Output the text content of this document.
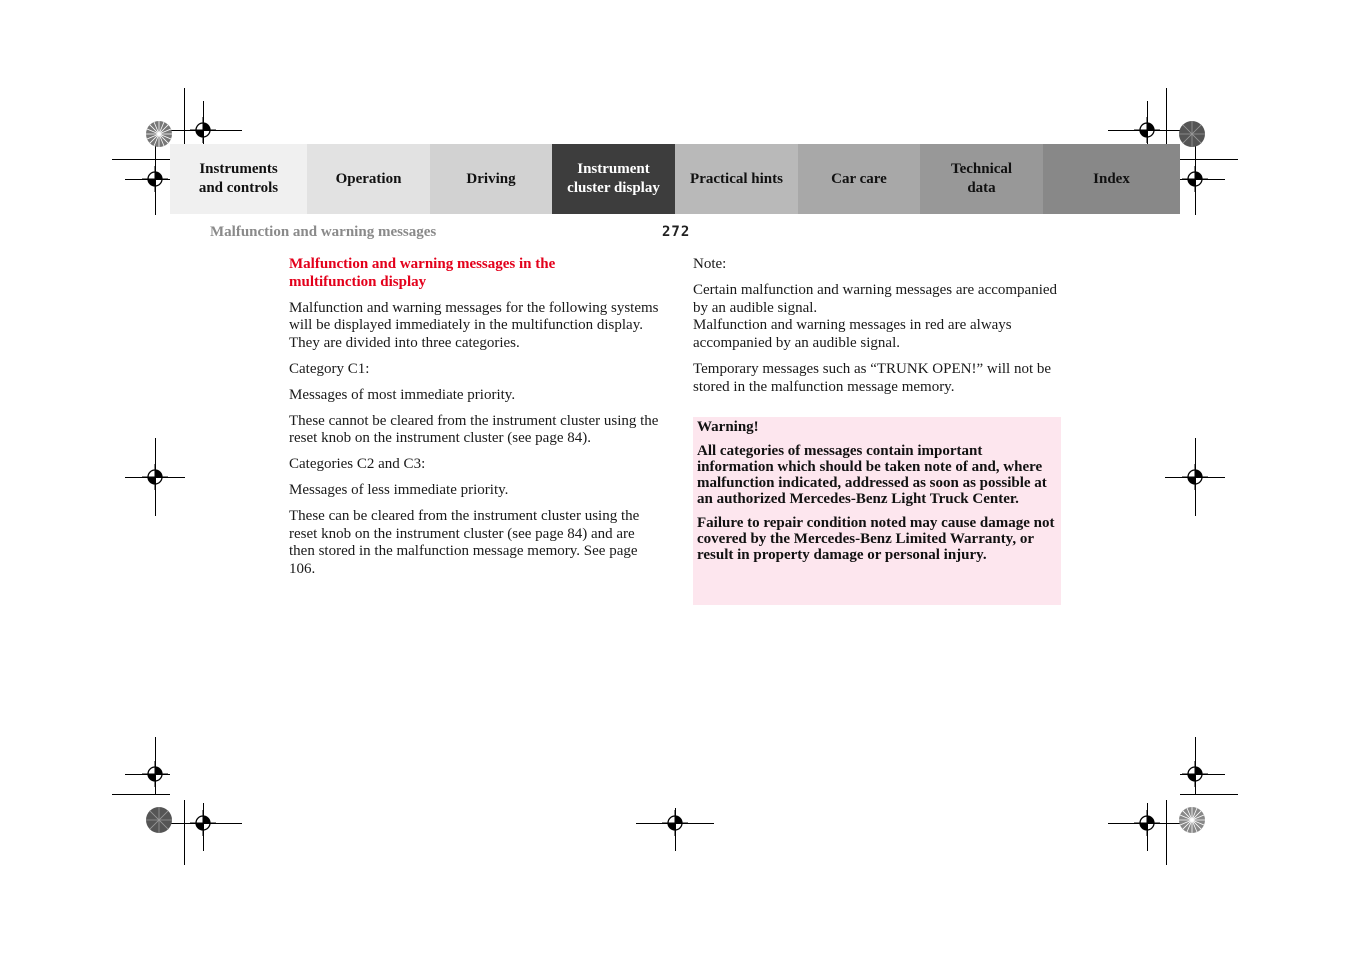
Instruments
and controls
Operation	Driving
Instrument
cluster display
Practical hints	Car care
Technical
data
Index
Malfunction and warning messages	272

Malfunction and warning messages in the
multifunction display

Malfunction and warning messages for the following systems will be displayed immediately in the multifunction display.
They are divided into three categories.

Category C1:

Messages of most immediate priority.

These cannot be cleared from the instrument cluster using the reset knob on the instrument cluster (see page 84).

Categories C2 and C3:

Messages of less immediate priority.

These can be cleared from the instrument cluster using the reset knob on the instrument cluster (see page 84) and are then stored in the malfunction message memory. See page 106.

Note:

Certain malfunction and warning messages are accompanied by an audible signal.
Malfunction and warning messages in red are always accompanied by an audible signal.

Temporary messages such as “TRUNK OPEN!” will not be stored in the malfunction message memory.

Warning!

All categories of messages contain important information which should be taken note of and, where malfunction indicated, addressed as soon as possible at an authorized Mercedes-Benz Light Truck Center.

Failure to repair condition noted may cause damage not covered by the Mercedes-Benz Limited Warranty, or result in property damage or personal injury.
